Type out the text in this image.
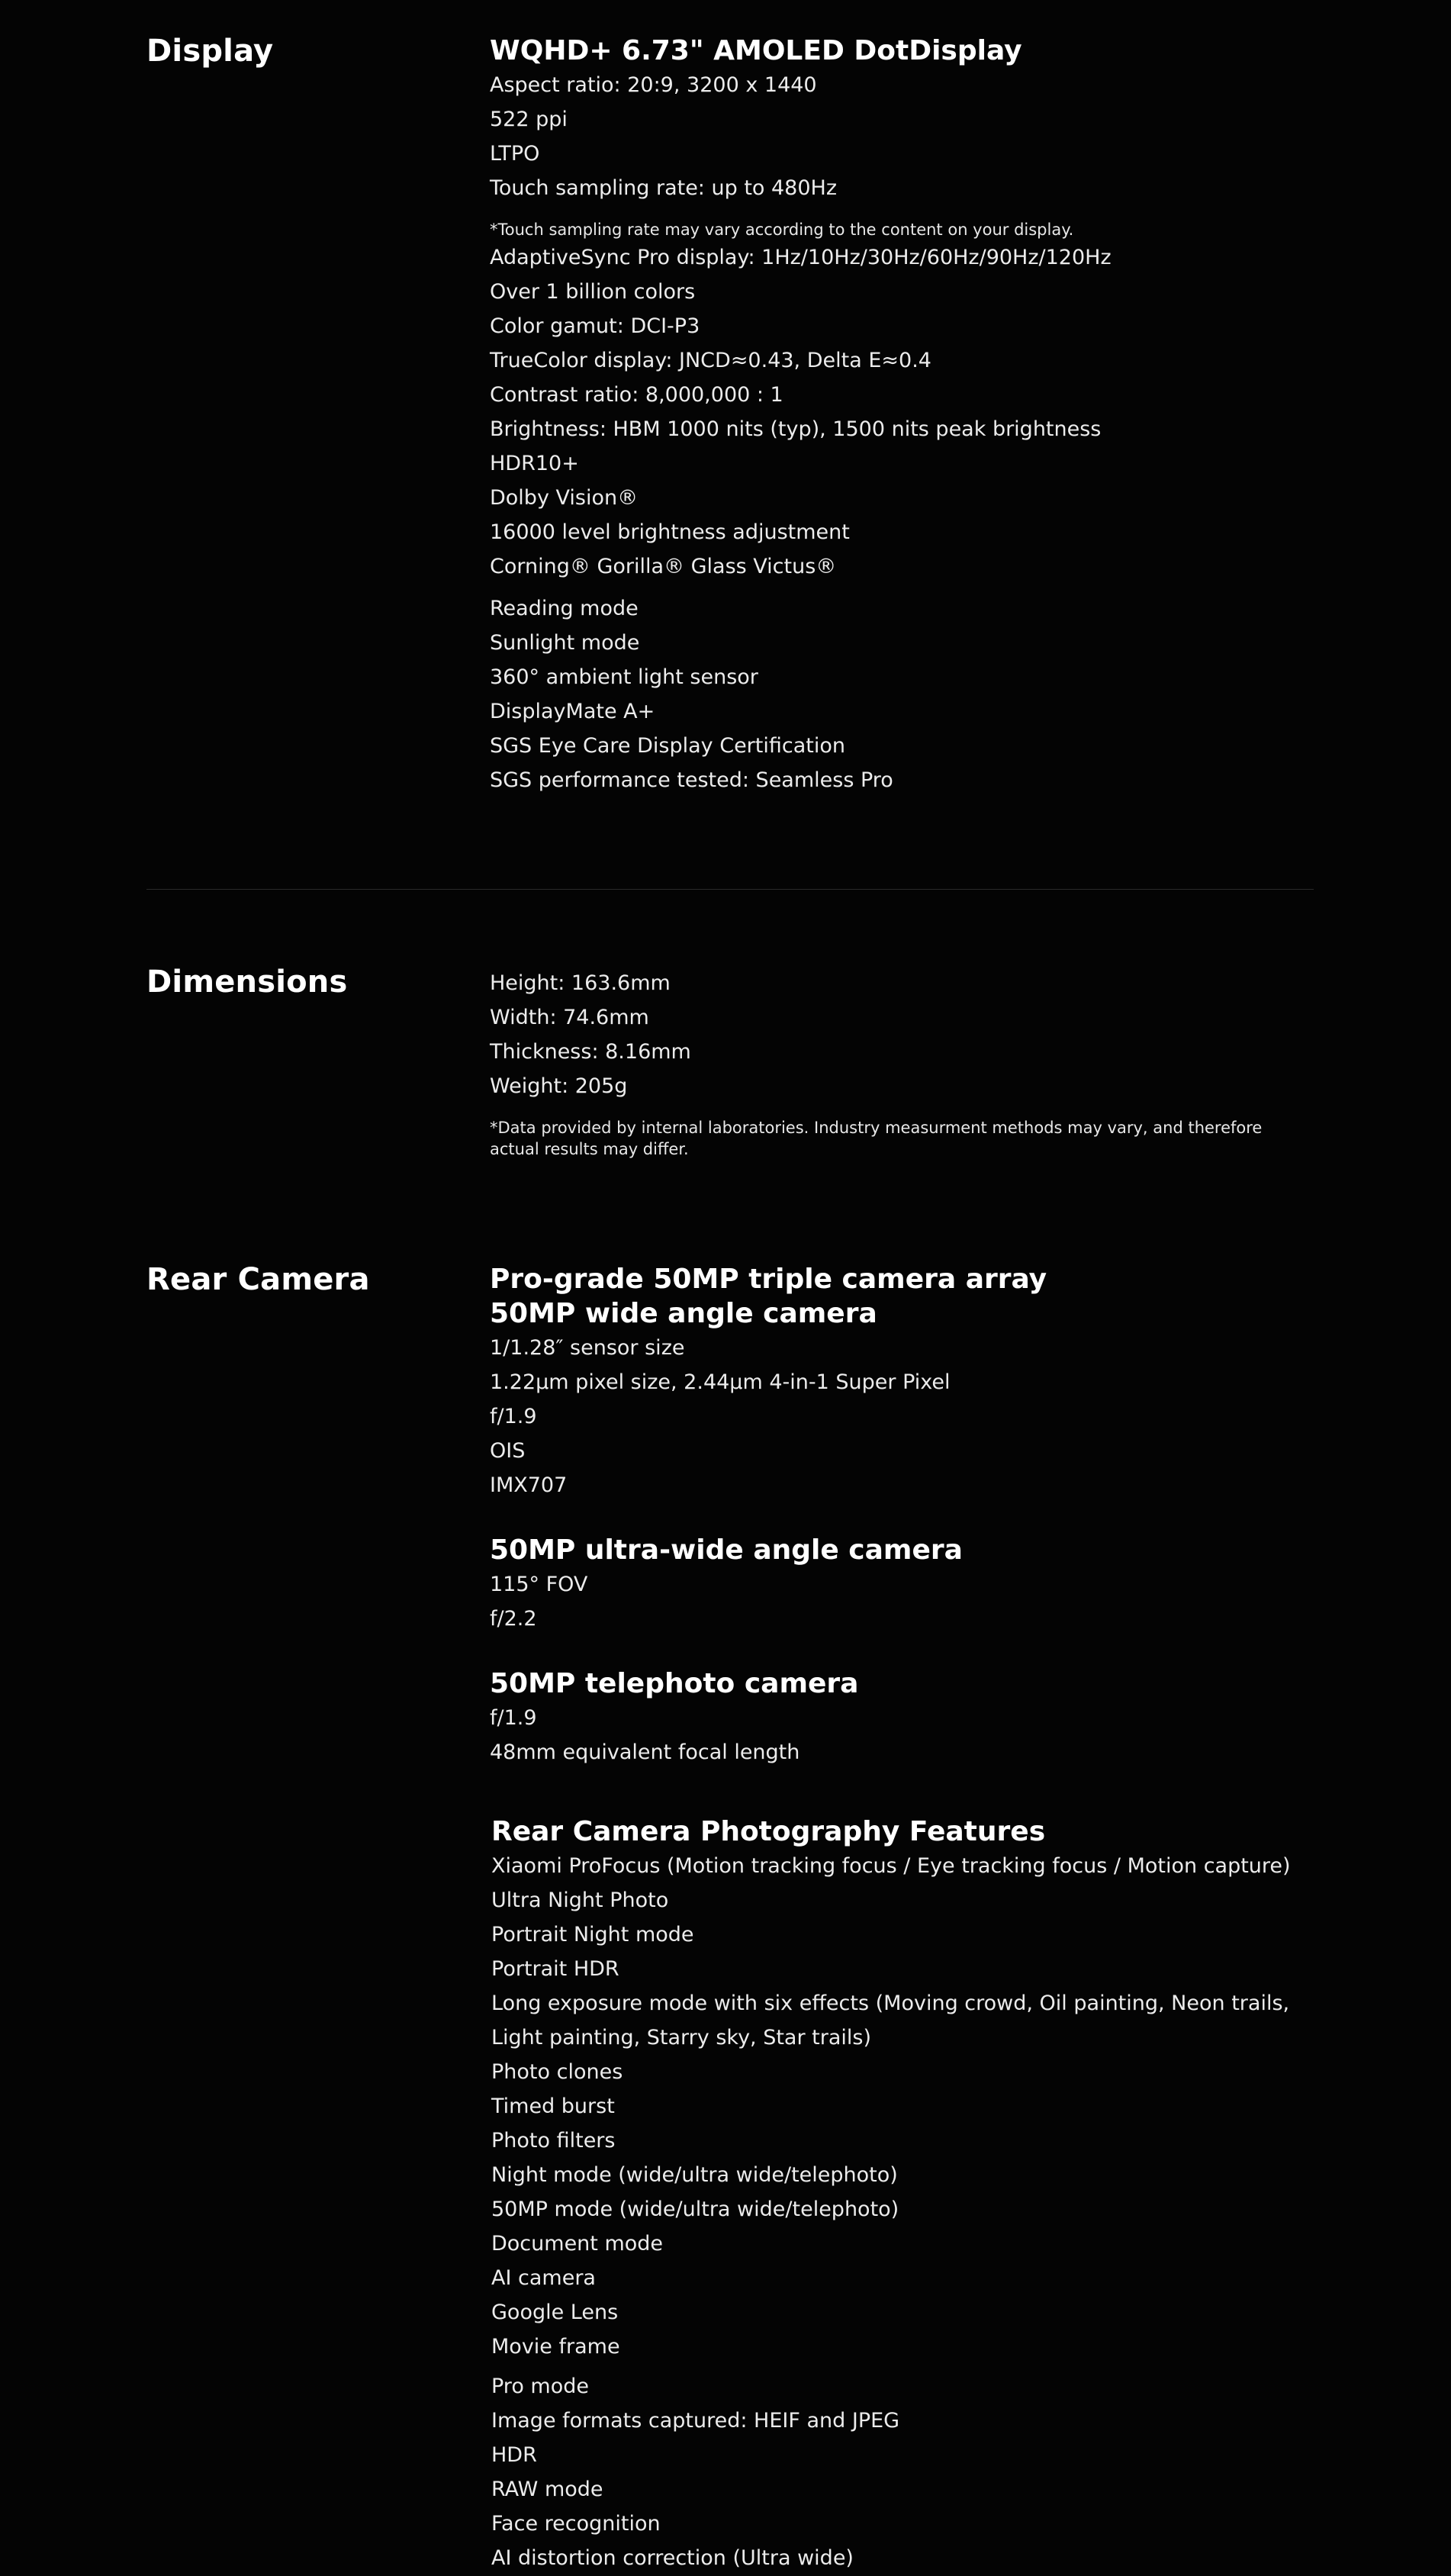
Display	WQHD+ 6.73" AMOLED DotDisplay
Aspect ratio: 20:9, 3200 x 1440
522 ppi
LTPO
Touch sampling rate: up to 480Hz
*Touch sampling rate may vary according to the content on your display.
AdaptiveSync Pro display: 1Hz/10Hz/30Hz/60Hz/90Hz/120Hz
Over 1 billion colors
Color gamut: DCI-P3
TrueColor display: JNCD≈0.43, Delta E≈0.4
Contrast ratio: 8,000,000 : 1
Brightness: HBM 1000 nits (typ), 1500 nits peak brightness
HDR10+
Dolby Vision®
16000 level brightness adjustment
Corning® Gorilla® Glass Victus®
Reading mode
Sunlight mode
360° ambient light sensor
DisplayMate A+
SGS Eye Care Display Certification
SGS performance tested: Seamless Pro
Dimensions	Height: 163.6mm
Width: 74.6mm
Thickness: 8.16mm
Weight: 205g
*Data provided by internal laboratories. Industry measurment methods may vary, and therefore actual results may differ.
Rear Camera	Pro-grade 50MP triple camera array
50MP wide angle camera
1/1.28″ sensor size
1.22μm pixel size, 2.44μm 4-in-1 Super Pixel
f/1.9
OIS
IMX707
50MP ultra-wide angle camera
115° FOV
f/2.2
50MP telephoto camera
f/1.9
48mm equivalent focal length
Rear Camera Photography Features
Xiaomi ProFocus (Motion tracking focus / Eye tracking focus / Motion capture)
Ultra Night Photo
Portrait Night mode
Portrait HDR
Long exposure mode with six effects (Moving crowd, Oil painting, Neon trails, Light painting, Starry sky, Star trails)
Photo clones
Timed burst
Photo filters
Night mode (wide/ultra wide/telephoto)
50MP mode (wide/ultra wide/telephoto)
Document mode
AI camera
Google Lens
Movie frame
Pro mode
Image formats captured: HEIF and JPEG
HDR
RAW mode
Face recognition
AI distortion correction (Ultra wide)
